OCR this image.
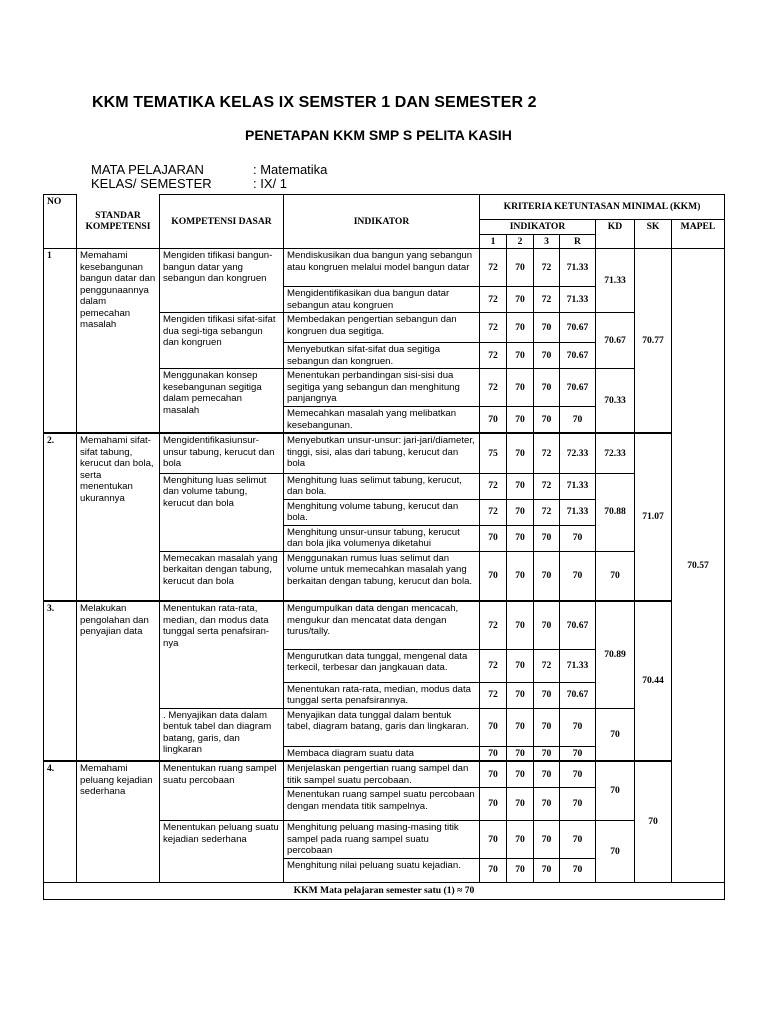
KKM TEMATIKA KELAS IX SEMSTER 1 DAN SEMESTER 2
PENETAPAN KKM SMP S PELITA KASIH
MATA PELAJARAN	: Matematika
KELAS/ SEMESTER	: IX/ 1
NO	STANDAR KOMPETENSI	KOMPETENSI DASAR	INDIKATOR	KRITERIA KETUNTASAN MINIMAL (KKM)						

				INDIKATOR				KD	SK	MAPEL
				1	2	3	R			
1	Memahami kesebangunan bangun datar dan penggunaannya dalam pemecahan masalah	Mengiden tifikasi bangun-bangun datar yang sebangun dan kongruen	Mendiskusikan dua bangun yang sebangun atau kongruen melalui model bangun datar	72	70	72	71.33	71.33	70.77	70.57
			Mengidentifikasikan dua bangun datar sebangun atau kongruen	72	70	72	71.33			
		Mengiden tifikasi sifat-sifat dua segi-tiga sebangun dan kongruen	Membedakan pengertian sebangun dan kongruen dua segitiga.	72	70	70	70.67	70.67		
			Menyebutkan sifat-sifat dua segitiga sebangun dan kongruen.	72	70	70	70.67			
		Menggunakan konsep kesebangunan segitiga dalam pemecahan masalah	Menentukan perbandingan sisi-sisi dua segitiga yang sebangun dan menghitung panjangnya	72	70	70	70.67	70.33		
			Memecahkan masalah yang melibatkan kesebangunan.	70	70	70	70			
2.	Memahami sifat-sifat tabung, kerucut dan bola, serta menentukan ukurannya	Mengidentifikasiunsur-unsur tabung, kerucut dan bola	Menyebutkan unsur-unsur: jari-jari/diameter, tinggi, sisi, alas dari tabung, kerucut dan bola	75	70	72	72.33	72.33	71.07	
		Menghitung luas selimut dan volume tabung, kerucut dan bola	Menghitung luas selimut tabung, kerucut, dan bola.	72	70	72	71.33	70.88		
			Menghitung volume tabung, kerucut dan bola.	72	70	72	71.33			
			Menghitung unsur-unsur tabung, kerucut dan bola jika volumenya diketahui	70	70	70	70			
		Memecakan masalah yang berkaitan dengan tabung, kerucut dan bola	Menggunakan rumus luas selimut dan volume untuk memecahkan masalah yang berkaitan dengan tabung, kerucut dan bola.	70	70	70	70	70		
3.	Melakukan pengolahan dan penyajian data	Menentukan rata-rata, median, dan modus data tunggal serta penafsiran-nya	Mengumpulkan data dengan mencacah, mengukur dan mencatat data dengan turus/tally.	72	70	70	70.67	70.89	70.44	
			Mengurutkan data tunggal, mengenal data terkecil, terbesar dan jangkauan data.	72	70	72	71.33			
			Menentukan rata-rata, median, modus data tunggal serta penafsirannya.	72	70	70	70.67			
		. Menyajikan data dalam bentuk tabel dan diagram batang, garis, dan lingkaran	Menyajikan data tunggal dalam bentuk tabel, diagram batang, garis dan lingkaran.	70	70	70	70	70		
			Membaca diagram suatu data	70	70	70	70			
4.	Memahami peluang kejadian sederhana	Menentukan ruang sampel suatu percobaan	Menjelaskan pengertian ruang sampel dan titik sampel suatu percobaan.	70	70	70	70	70	70	
			Menentukan ruang sampel suatu percobaan dengan mendata titik sampelnya.	70	70	70	70			
		Menentukan peluang suatu kejadian sederhana	Menghitung peluang masing-masing titik sampel pada ruang sampel suatu percobaan	70	70	70	70	70		
			Menghitung nilai peluang suatu kejadian.	70	70	70	70			
KKM Mata pelajaran semester satu (1) ≈ 70										
